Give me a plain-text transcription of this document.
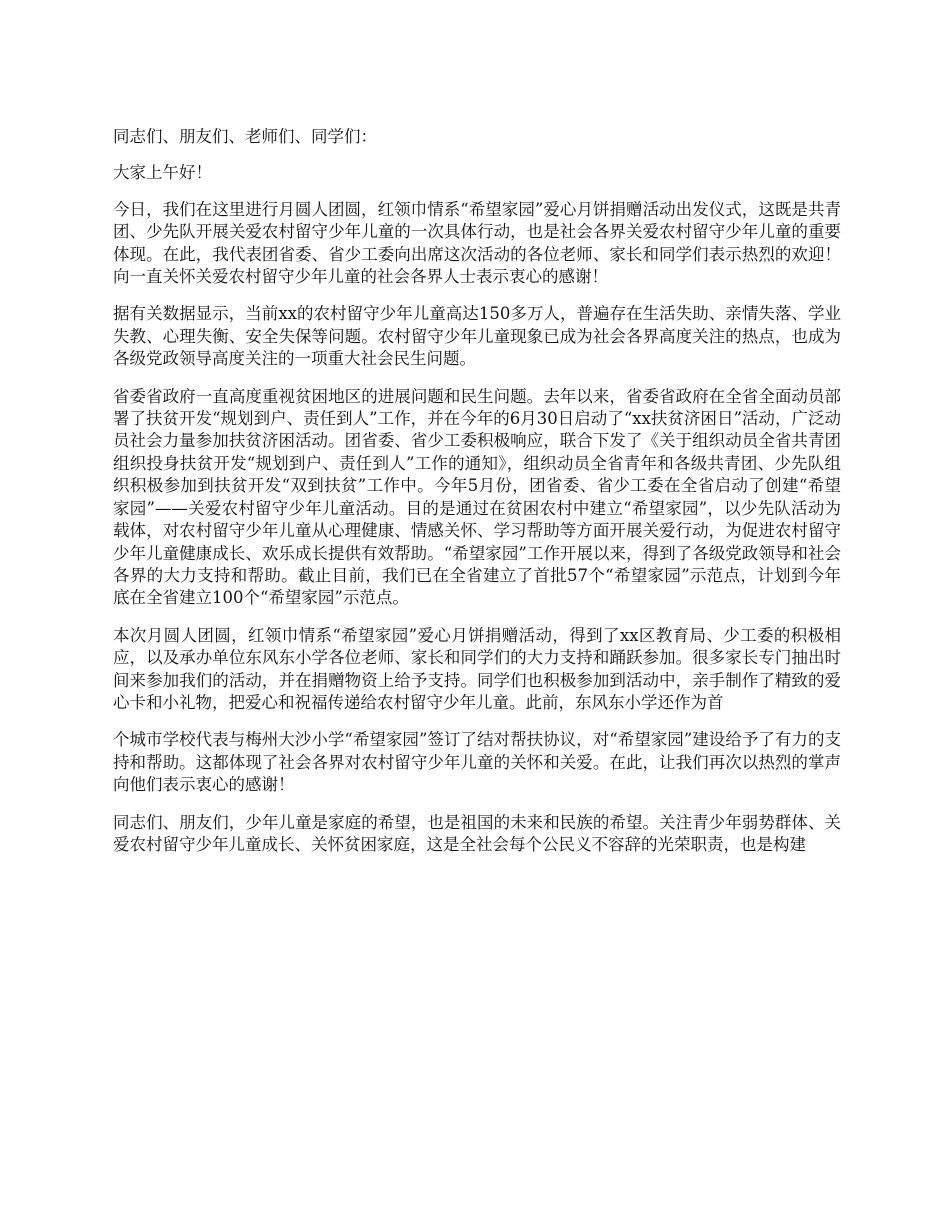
同志们、朋友们、老师们、同学们：

大家上午好！

今日，我们在这里进行月圆人团圆，红领巾情系“希望家园”爱心月饼捐赠活动出发仪式，这既是共青团、少先队开展关爱农村留守少年儿童的一次具体行动，也是社会各界关爱农村留守少年儿童的重要体现。在此，我代表团省委、省少工委向出席这次活动的各位老师、家长和同学们表示热烈的欢迎！向一直关怀关爱农村留守少年儿童的社会各界人士表示衷心的感谢！

据有关数据显示，当前xx的农村留守少年儿童高达150多万人，普遍存在生活失助、亲情失落、学业失教、心理失衡、安全失保等问题。农村留守少年儿童现象已成为社会各界高度关注的热点，也成为各级党政领导高度关注的一项重大社会民生问题。

省委省政府一直高度重视贫困地区的进展问题和民生问题。去年以来，省委省政府在全省全面动员部署了扶贫开发“规划到户、责任到人”工作，并在今年的6月30日启动了“xx扶贫济困日”活动，广泛动员社会力量参加扶贫济困活动。团省委、省少工委积极响应，联合下发了《关于组织动员全省共青团组织投身扶贫开发“规划到户、责任到人”工作的通知》，组织动员全省青年和各级共青团、少先队组织积极参加到扶贫开发“双到扶贫”工作中。今年5月份，团省委、省少工委在全省启动了创建“希望家园”——关爱农村留守少年儿童活动。目的是通过在贫困农村中建立“希望家园”，以少先队活动为载体，对农村留守少年儿童从心理健康、情感关怀、学习帮助等方面开展关爱行动，为促进农村留守少年儿童健康成长、欢乐成长提供有效帮助。“希望家园”工作开展以来，得到了各级党政领导和社会各界的大力支持和帮助。截止目前，我们已在全省建立了首批57个“希望家园”示范点，计划到今年底在全省建立100个“希望家园”示范点。

本次月圆人团圆，红领巾情系“希望家园”爱心月饼捐赠活动，得到了xx区教育局、少工委的积极相应，以及承办单位东风东小学各位老师、家长和同学们的大力支持和踊跃参加。很多家长专门抽出时间来参加我们的活动，并在捐赠物资上给予支持。同学们也积极参加到活动中，亲手制作了精致的爱心卡和小礼物，把爱心和祝福传递给农村留守少年儿童。此前，东风东小学还作为首

个城市学校代表与梅州大沙小学“希望家园”签订了结对帮扶协议，对“希望家园”建设给予了有力的支持和帮助。这都体现了社会各界对农村留守少年儿童的关怀和关爱。在此，让我们再次以热烈的掌声向他们表示衷心的感谢！

同志们、朋友们，少年儿童是家庭的希望，也是祖国的未来和民族的希望。关注青少年弱势群体、关爱农村留守少年儿童成长、关怀贫困家庭，这是全社会每个公民义不容辞的光荣职责，也是构建
